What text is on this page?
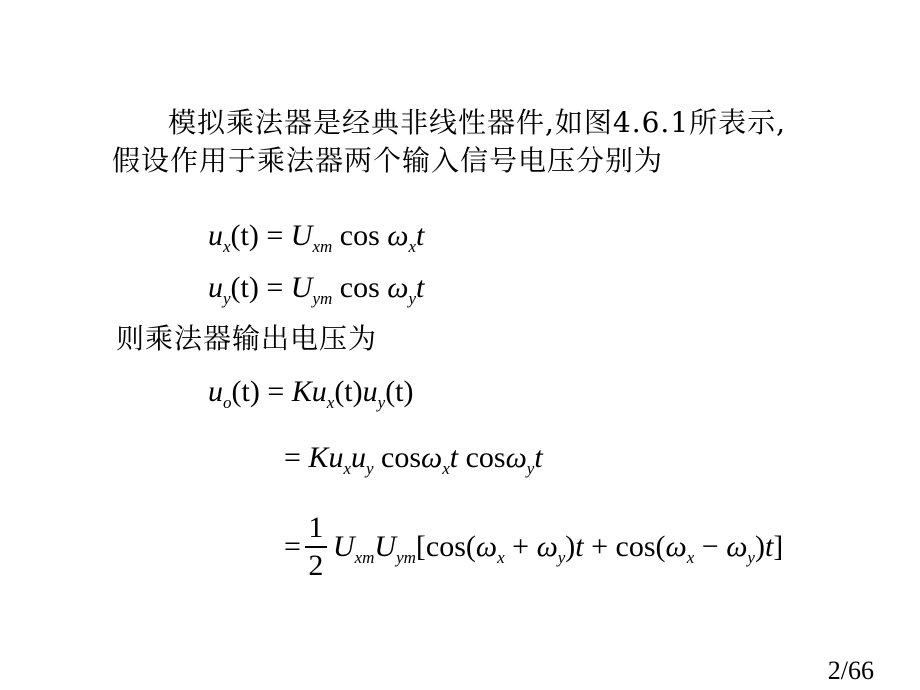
模拟乘法器是经典非线性器件,如图4.6.1所表示,
假设作用于乘法器两个输入信号电压分别为
$u_x(t) = U_{xm}$ $\cos \omega_xt$
$u_y(t) = U_{ym}$ $\cos \omega_yt$
则乘法器输出电压为
$u_o(t) = Ku_x(t)u_y(t)$
= $Ku_xu_y$ cosω$_x$t cosω$_y$t
= $\frac{1}{2} U_{xm}U_{ym}[\cos(\omega_x + \omega_y)t + \cos(\omega_x - \omega_y)t]$
2/66
